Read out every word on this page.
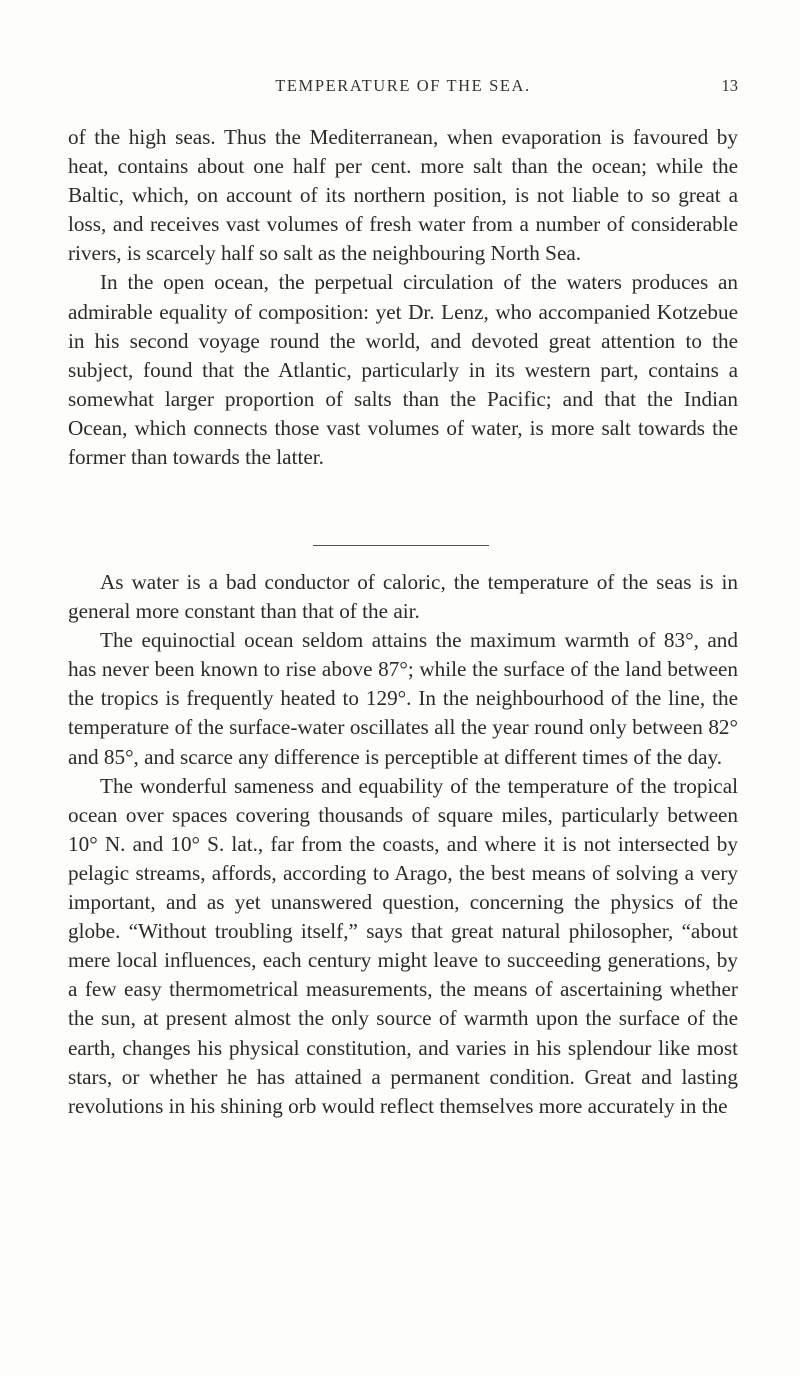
TEMPERATURE OF THE SEA.	13

of the high seas. Thus the Mediterranean, when evaporation is favoured by heat, contains about one half per cent. more salt than the ocean; while the Baltic, which, on account of its northern position, is not liable to so great a loss, and receives vast volumes of fresh water from a number of considerable rivers, is scarcely half so salt as the neighbouring North Sea.

In the open ocean, the perpetual circulation of the waters produces an admirable equality of composition: yet Dr. Lenz, who accompanied Kotzebue in his second voyage round the world, and devoted great attention to the subject, found that the Atlantic, particularly in its western part, contains a somewhat larger proportion of salts than the Pacific; and that the Indian Ocean, which connects those vast volumes of water, is more salt towards the former than towards the latter.

As water is a bad conductor of caloric, the temperature of the seas is in general more constant than that of the air.

The equinoctial ocean seldom attains the maximum warmth of 83°, and has never been known to rise above 87°; while the surface of the land between the tropics is frequently heated to 129°. In the neighbourhood of the line, the temperature of the surface-water oscillates all the year round only between 82° and 85°, and scarce any difference is perceptible at different times of the day.

The wonderful sameness and equability of the temperature of the tropical ocean over spaces covering thousands of square miles, particularly between 10° N. and 10° S. lat., far from the coasts, and where it is not intersected by pelagic streams, affords, according to Arago, the best means of solving a very important, and as yet unanswered question, concerning the physics of the globe. “Without troubling itself,” says that great natural philosopher, “about mere local influences, each century might leave to succeeding generations, by a few easy thermometrical measurements, the means of ascertaining whether the sun, at present almost the only source of warmth upon the surface of the earth, changes his physical constitution, and varies in his splendour like most stars, or whether he has attained a permanent condition. Great and lasting revolutions in his shining orb would reflect themselves more accurately in the
